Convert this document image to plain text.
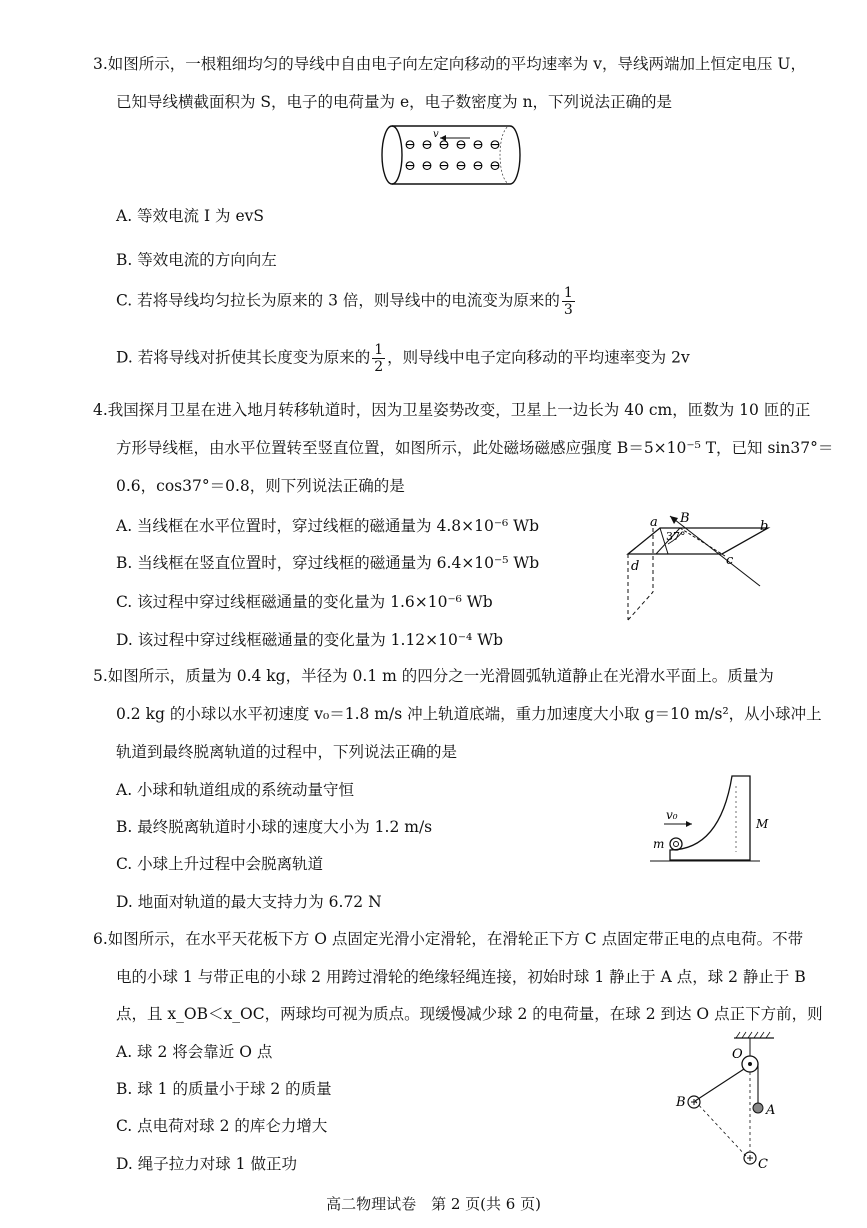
3.如图所示，一根粗细均匀的导线中自由电子向左定向移动的平均速率为 v，导线两端加上恒定电压 U，
已知导线横截面积为 S，电子的电荷量为 e，电子数密度为 n，下列说法正确的是
v
⊖ ⊖ ⊖ ⊖ ⊖ ⊖
⊖ ⊖ ⊖ ⊖ ⊖ ⊖
A. 等效电流 I 为 evS
B. 等效电流的方向向左
C. 若将导线均匀拉长为原来的 3 倍，则导线中的电流变为原来的 $\frac{1}{3}$
D. 若将导线对折使其长度变为原来的 $\frac{1}{2}$ ，则导线中电子定向移动的平均速率变为 2v
4.我国探月卫星在进入地月转移轨道时，因为卫星姿势改变，卫星上一边长为 40 cm，匝数为 10 匝的正
方形导线框，由水平位置转至竖直位置，如图所示，此处磁场磁感应强度 B＝5×10⁻⁵ T，已知 sin37°＝
0.6，cos37°＝0.8，则下列说法正确的是
A. 当线框在水平位置时，穿过线框的磁通量为 4.8×10⁻⁶ Wb
B. 当线框在竖直位置时，穿过线框的磁通量为 6.4×10⁻⁵ Wb
C. 该过程中穿过线框磁通量的变化量为 1.6×10⁻⁶ Wb
D. 该过程中穿过线框磁通量的变化量为 1.12×10⁻⁴ Wb
a B
b
c
d
37°
5.如图所示，质量为 0.4 kg，半径为 0.1 m 的四分之一光滑圆弧轨道静止在光滑水平面上。质量为
0.2 kg 的小球以水平初速度 v₀＝1.8 m/s 冲上轨道底端，重力加速度大小取 g＝10 m/s²，从小球冲上
轨道到最终脱离轨道的过程中，下列说法正确的是
A. 小球和轨道组成的系统动量守恒
B. 最终脱离轨道时小球的速度大小为 1.2 m/s
C. 小球上升过程中会脱离轨道
D. 地面对轨道的最大支持力为 6.72 N
v₀
m
M
6.如图所示，在水平天花板下方 O 点固定光滑小定滑轮，在滑轮正下方 C 点固定带正电的点电荷。不带
电的小球 1 与带正电的小球 2 用跨过滑轮的绝缘轻绳连接，初始时球 1 静止于 A 点，球 2 静止于 B
点，且 x_OB＜x_OC，两球均可视为质点。现缓慢减少球 2 的电荷量，在球 2 到达 O 点正下方前，则
A. 球 2 将会靠近 O 点
B. 球 1 的质量小于球 2 的质量
C. 点电荷对球 2 的库仑力增大
D. 绳子拉力对球 1 做正功
O
A
B
C
高二物理试卷　第 2 页(共 6 页)
